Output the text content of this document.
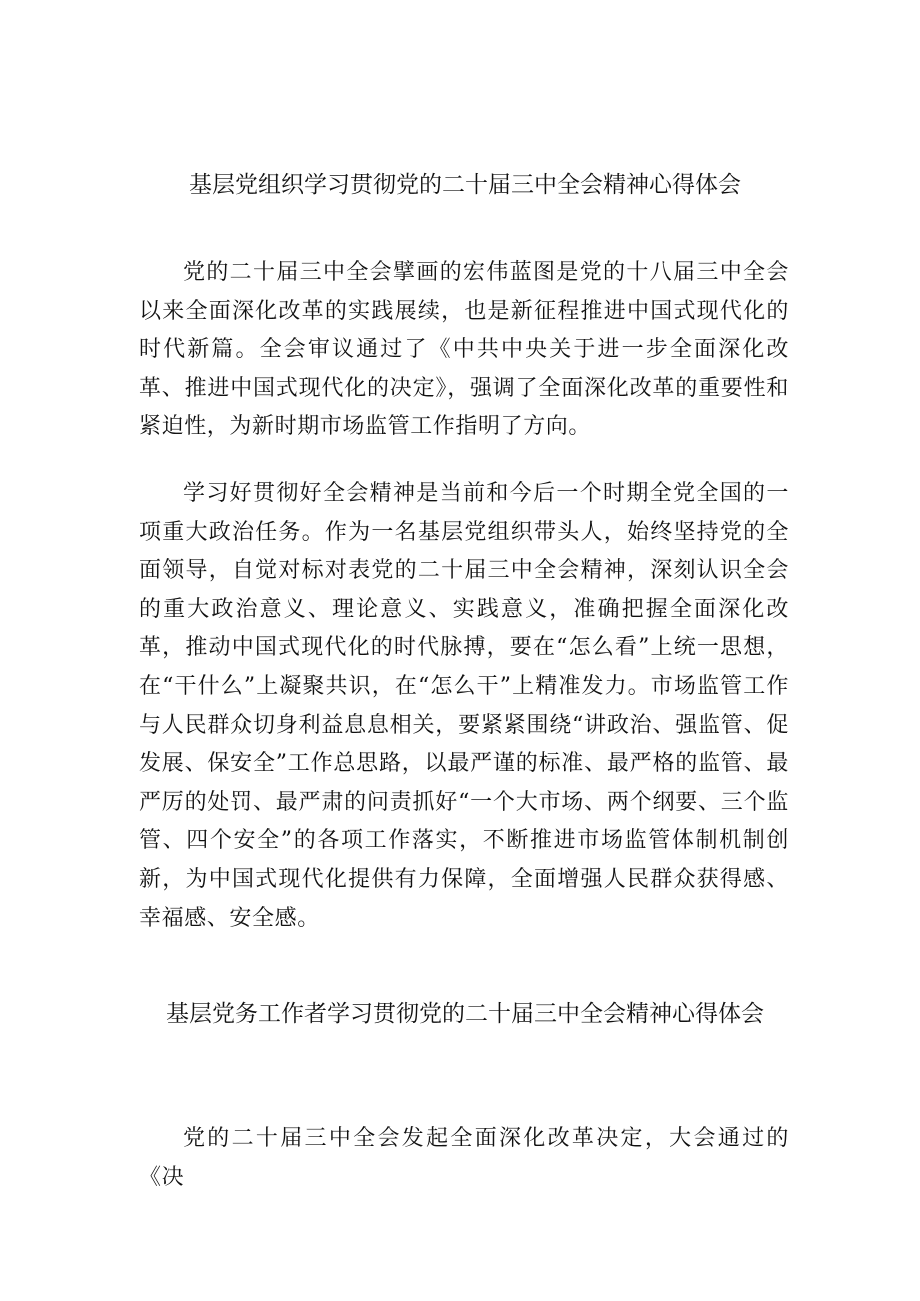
基层党组织学习贯彻党的二十届三中全会精神心得体会

党的二十届三中全会擘画的宏伟蓝图是党的十八届三中全会以来全面深化改革的实践展续，也是新征程推进中国式现代化的时代新篇。全会审议通过了《中共中央关于进一步全面深化改革、推进中国式现代化的决定》，强调了全面深化改革的重要性和紧迫性，为新时期市场监管工作指明了方向。

学习好贯彻好全会精神是当前和今后一个时期全党全国的一项重大政治任务。作为一名基层党组织带头人，始终坚持党的全面领导，自觉对标对表党的二十届三中全会精神，深刻认识全会的重大政治意义、理论意义、实践意义，准确把握全面深化改革，推动中国式现代化的时代脉搏，要在“怎么看”上统一思想，在“干什么”上凝聚共识，在“怎么干”上精准发力。市场监管工作与人民群众切身利益息息相关，要紧紧围绕“讲政治、强监管、促发展、保安全”工作总思路，以最严谨的标准、最严格的监管、最严厉的处罚、最严肃的问责抓好“一个大市场、两个纲要、三个监管、四个安全”的各项工作落实，不断推进市场监管体制机制创新，为中国式现代化提供有力保障，全面增强人民群众获得感、幸福感、安全感。

基层党务工作者学习贯彻党的二十届三中全会精神心得体会

党的二十届三中全会发起全面深化改革决定，大会通过的《决
